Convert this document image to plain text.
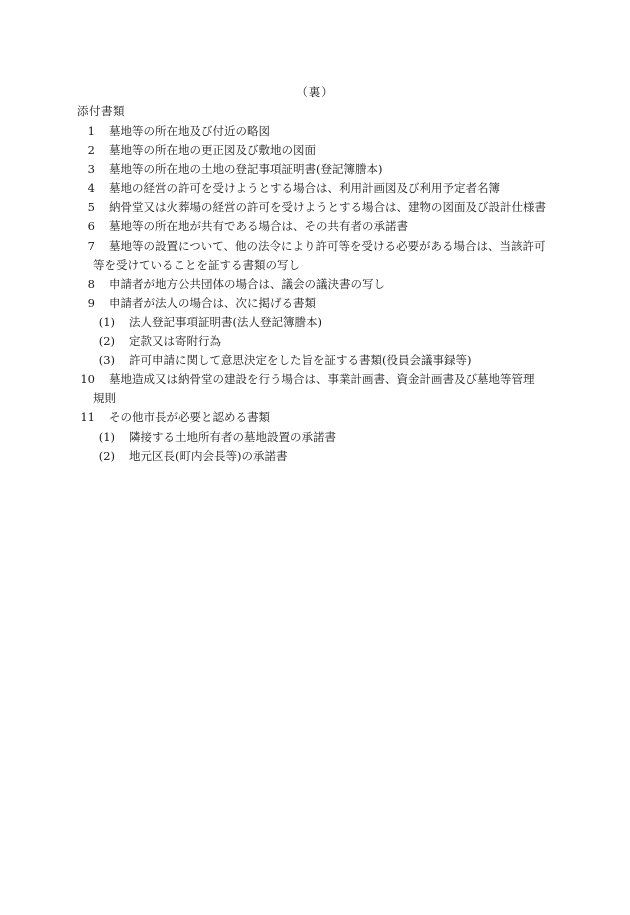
（裏）
添付書類
1 墓地等の所在地及び付近の略図
2 墓地等の所在地の更正図及び敷地の図面
3 墓地等の所在地の土地の登記事項証明書(登記簿謄本)
4 墓地の経営の許可を受けようとする場合は、利用計画図及び利用予定者名簿
5 納骨堂又は火葬場の経営の許可を受けようとする場合は、建物の図面及び設計仕様書
6 墓地等の所在地が共有である場合は、その共有者の承諾書
7 墓地等の設置について、他の法令により許可等を受ける必要がある場合は、当該許可
等を受けていることを証する書類の写し
8 申請者が地方公共団体の場合は、議会の議決書の写し
9 申請者が法人の場合は、次に掲げる書類
(1) 法人登記事項証明書(法人登記簿謄本)
(2) 定款又は寄附行為
(3) 許可申請に関して意思決定をした旨を証する書類(役員会議事録等)
10 墓地造成又は納骨堂の建設を行う場合は、事業計画書、資金計画書及び墓地等管理
規則
11 その他市長が必要と認める書類
(1) 隣接する土地所有者の墓地設置の承諾書
(2) 地元区長(町内会長等)の承諾書
